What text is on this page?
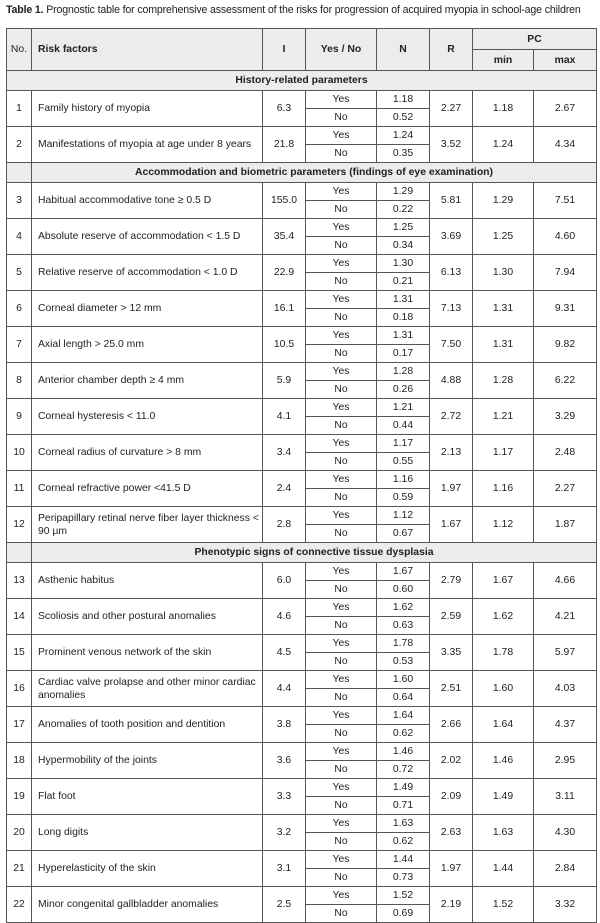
Table 1. Prognostic table for comprehensive assessment of the risks for progression of acquired myopia in school-age children
No.	Risk factors	I	Yes / No	N	R	PC	
						min	max
History-related parameters							
1	Family history of myopia	6.3	Yes	1.18	2.27	1.18	2.67
			No	0.52			
2	Manifestations of myopia at age under 8 years	21.8	Yes	1.24	3.52	1.24	4.34
			No	0.35			
	Accommodation and biometric parameters (findings of eye examination)						
3	Habitual accommodative tone ≥ 0.5 D	155.0	Yes	1.29	5.81	1.29	7.51
			No	0.22			
4	Absolute reserve of accommodation < 1.5 D	35.4	Yes	1.25	3.69	1.25	4.60
			No	0.34			
5	Relative reserve of accommodation < 1.0 D	22.9	Yes	1.30	6.13	1.30	7.94
			No	0.21			
6	Corneal diameter > 12 mm	16.1	Yes	1.31	7.13	1.31	9.31
			No	0.18			
7	Axial length > 25.0 mm	10.5	Yes	1.31	7.50	1.31	9.82
			No	0.17			
8	Anterior chamber depth ≥ 4 mm	5.9	Yes	1.28	4.88	1.28	6.22
			No	0.26			
9	Corneal hysteresis < 11.0	4.1	Yes	1.21	2.72	1.21	3.29
			No	0.44			
10	Corneal radius of curvature > 8 mm	3.4	Yes	1.17	2.13	1.17	2.48
			No	0.55			
11	Corneal refractive power <41.5 D	2.4	Yes	1.16	1.97	1.16	2.27
			No	0.59			
12	Peripapillary retinal nerve fiber layer thickness < 90 µm	2.8	Yes	1.12	1.67	1.12	1.87
			No	0.67			
	Phenotypic signs of connective tissue dysplasia						
13	Asthenic habitus	6.0	Yes	1.67	2.79	1.67	4.66
			No	0.60			
14	Scoliosis and other postural anomalies	4.6	Yes	1.62	2.59	1.62	4.21
			No	0.63			
15	Prominent venous network of the skin	4.5	Yes	1.78	3.35	1.78	5.97
			No	0.53			
16	Cardiac valve prolapse and other minor cardiac anomalies	4.4	Yes	1.60	2.51	1.60	4.03
			No	0.64			
17	Anomalies of tooth position and dentition	3.8	Yes	1.64	2.66	1.64	4.37
			No	0.62			
18	Hypermobility of the joints	3.6	Yes	1.46	2.02	1.46	2.95
			No	0.72			
19	Flat foot	3.3	Yes	1.49	2.09	1.49	3.11
			No	0.71			
20	Long digits	3.2	Yes	1.63	2.63	1.63	4.30
			No	0.62			
21	Hyperelasticity of the skin	3.1	Yes	1.44	1.97	1.44	2.84
			No	0.73			
22	Minor congenital gallbladder anomalies	2.5	Yes	1.52	2.19	1.52	3.32
			No	0.69			
